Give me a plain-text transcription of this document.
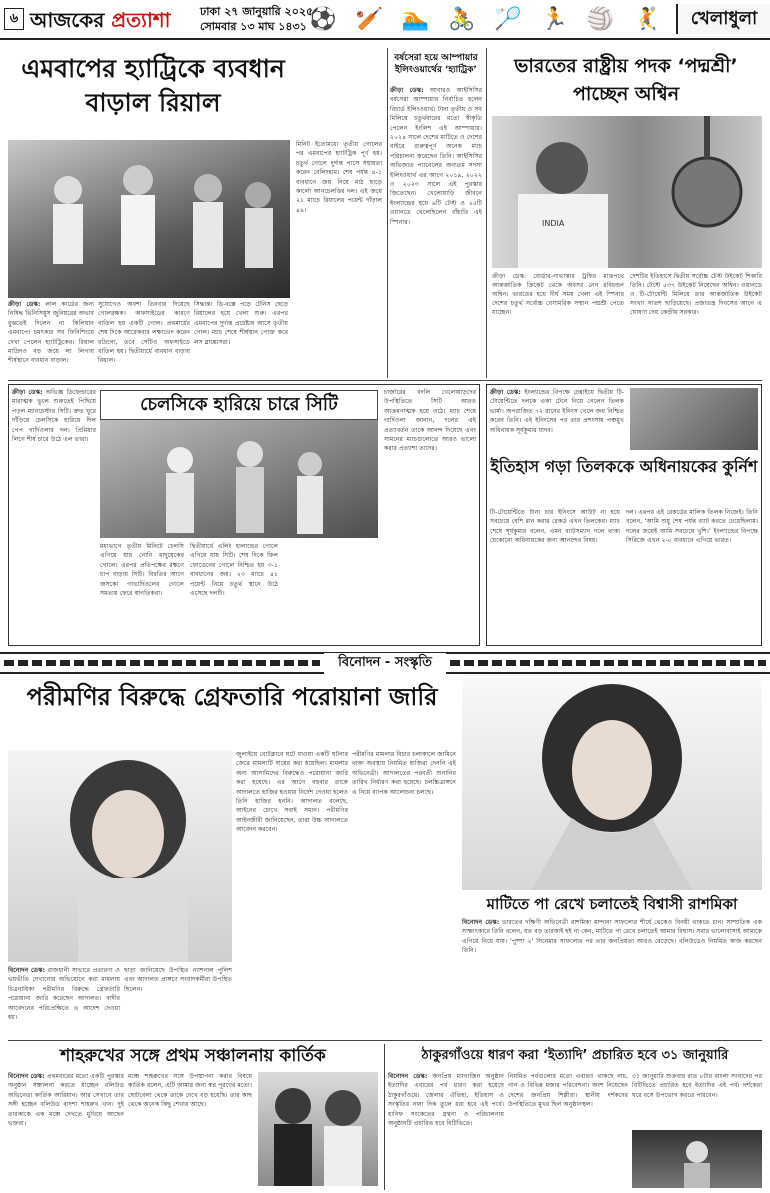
৬ আজকের প্রত্যাশা	ঢাকা ২৭ জানুয়ারি ২০২৫
সোমবার ১৩ মাঘ ১৪৩১ ⚽ 🏏 🏊 🚴 🏸 🏃 🏐 🤾	খেলাধুলা
এমবাপের হ্যাট্রিকে ব্যবধান বাড়াল রিয়াল
ক্রীড়া ডেস্ক: লাল কার্ডের জন্য নিষিদ্ধ ভিনিসিয়ুস জুনিয়রের অভাব বুঝতেই দিলেন না কিলিয়ান এমবাপে। চমৎকার সব ফিনিশিংয়ে দেখা পেলেন হ্যাটট্রিকের। রিয়াল মাদ্রিদও বড় জয়ে লা লিগায় শীর্ষস্থানে ব্যবধান বাড়াল।
সুযোগেও অবশ্য তিনবার দিয়েছে গোলরক্ষক। অফসাইডের কারণে বাতিল হয় একটি গোল। প্রথমার্ধের শেষ দিকে আরেকবার লক্ষ্যভেদ করেন রদ্রিগো, তবে সেটিও অফসাইডে বাতিল হয়। দ্বিতীয়ার্ধে ব্যবধান বাড়ায় রিয়াল।
সিদ্ধান্ত। ডি-বক্সে পড়ে টেনিস ছেড়ে রিয়ালের হয়ে খেলা শুরু। এরপর এমবাপের দুর্দান্ত প্রচেষ্টায় আসে তৃতীয় গোল। ম্যাচ শেষে শীর্ষস্থান পোক্ত করে লস ব্লাঙ্কোসরা।
মিনিট ইতোমধ্যে তৃতীয় গোলের পর এমবাপের হ্যাটট্রিক পূর্ণ হয়। চতুর্থ গোলে দুর্দান্ত পাসে সহায়তা করেন বেলিংহাম। শেষ পর্যন্ত ৪-১ ব্যবধানে জয় নিয়ে মাঠ ছাড়ে কার্লো আনচেলত্তির দল। এই জয়ে ২১ ম্যাচে রিয়ালের পয়েন্ট দাঁড়াল ৪৯।
বর্ষসেরা হয়ে আম্পায়ার ইলিংওয়ার্থের ‘হ্যাট্রিক’
ক্রীড়া ডেস্ক: আবারও আইসিসির বর্ষসেরা আম্পায়ার নির্বাচিত হলেন রিচার্ড ইলিংওয়ার্থ। টানা তৃতীয় ও সব মিলিয়ে চতুর্থবারের মতো স্বীকৃতি পেলেন ইংলিশ এই আম্পায়ার। ২০২৪ সালে দেশের মাটিতে ও দেশের বাইরে গুরুত্বপূর্ণ অনেক ম্যাচ পরিচালনা করেছেন তিনি। আইসিসির অভিজাত প্যানেলের অন্যতম সদস্য ইলিংওয়ার্থ এর আগে ২০১৯, ২০২২ ও ২০২৩ সালে এই পুরস্কার জিতেছেন। খেলোয়াড়ি জীবনে ইংল্যান্ডের হয়ে ৯টি টেস্ট ও ২৫টি ওয়ানডে খেলেছিলেন বাঁহাতি এই স্পিনার।
ভারতের রাষ্ট্রীয় পদক ‘পদ্মশ্রী’ পাচ্ছেন অশ্বিন
INDIA
ক্রীড়া ডেস্ক: বোর্ডার-গাভাস্কার ট্রফির মাঝপথে আন্তর্জাতিক ক্রিকেট থেকে অবসর নেন রবিচন্দ্রন অশ্বিন। ভারতের হয়ে দীর্ঘ সময় খেলা এই স্পিনার দেশের চতুর্থ সর্বোচ্চ বেসামরিক সম্মান পদ্মশ্রী পেতে যাচ্ছেন।
দেশটির ইতিহাসে দ্বিতীয় সর্বোচ্চ টেস্ট উইকেট শিকারি তিনি। টেস্টে ৫৩৭ উইকেট নিয়েছেন অশ্বিন। ওয়ানডে ও টি-টোয়েন্টি মিলিয়ে তার আন্তর্জাতিক উইকেট সংখ্যা সাতশ ছাড়িয়েছে। প্রজাতন্ত্র দিবসের আগে এ ঘোষণা দেয় কেন্দ্রীয় সরকার।
ক্রীড়া ডেস্ক: অভিজ্ঞ ডিফেন্ডারের মারাত্মক ভুলে শুরুতেই পিছিয়ে পড়ল ম্যানচেস্টার সিটি। দ্রুত ঘুরে দাঁড়িয়ে চেলসিকে হারিয়ে দিল পেপ গার্দিওলার দল। প্রিমিয়ার লিগে শীর্ষ চারে উঠে এল তারা।
চেলসিকে হারিয়ে চারে সিটি
মধ্যভাগে তৃতীয় মিনিটে চেলসি এগিয়ে যায় নোনি মাদুয়েকের গোলে। এরপর প্রতিপক্ষের রক্ষণে চাপ বাড়ায় সিটি। বিরতির আগে জসকো গাভার্দিওলের গোলে সমতায় ফেরে স্বাগতিকরা।
দ্বিতীয়ার্ধে এর্লিং হালান্ডের গোলে এগিয়ে যায় সিটি। শেষ দিকে ফিল ফোডেনের গোলে নিশ্চিত হয় ৩-১ ব্যবধানের জয়। ২৩ ম্যাচে ৪১ পয়েন্ট নিয়ে চতুর্থ স্থানে উঠে এসেছে দলটি।
চার্জারের বদলি খেলোয়াড়দের উপস্থিতিতে সিটি আরও আক্রমণাত্মক হয়ে ওঠে। ম্যাচ শেষে গার্দিওলা জানান, দলের এই প্রত্যাবর্তন তাকে আনন্দ দিয়েছে এবং সামনের ম্যাচগুলোতে আরও ভালো করার প্রত্যাশা তাদের।
ক্রীড়া ডেস্ক: ইংল্যান্ডের বিপক্ষে চেন্নাইয়ে দ্বিতীয় টি-টোয়েন্টিতে দলকে একা টেনে নিয়ে গেলেন তিলক ভার্মা। অপরাজিত ৭২ রানের ইনিংস খেলে জয় নিশ্চিত করেন তিনি। এই ইনিংসের পর তার প্রশংসায় পঞ্চমুখ অধিনায়ক সূর্যকুমার যাদব।
ইতিহাস গড়া তিলককে অধিনায়কের কুর্নিশ
টি-টোয়েন্টিতে টানা চার ইনিংসে আউট না হয়ে সবচেয়ে বেশি রান করার রেকর্ড এখন তিলকের। ম্যাচ শেষে সূর্যকুমার বলেন, এমন ব্যাটসম্যান দলে থাকা যেকোনো অধিনায়কের জন্য আনন্দের বিষয়।
দল। এরপর এই রেকর্ডের মালিক তিলক নিজেই। তিনি বলেন, ‘আমি শুধু শেষ পর্যন্ত ব্যাট করতে চেয়েছিলাম। দলের জয়েই আমি সবচেয়ে খুশি।’ ইংল্যান্ডের বিপক্ষে সিরিজে এখন ২-০ ব্যবধানে এগিয়ে ভারত।
বিনোদন - সংস্কৃতি
পরীমণির বিরুদ্ধে গ্রেফতারি পরোয়ানা জারি
বিনোদন ডেস্ক: রাজধানী সাভারে প্রতারণা ও ভয়ভীতি দেখানোর অভিযোগে করা মামলায় চিত্রনায়িকা পরীমণির বিরুদ্ধে গ্রেফতারি পরোয়ানা জারি করেছেন আদালত। বাদীর আবেদনের পরিপ্রেক্ষিতে এ আদেশ দেওয়া হয়।
ছাড়া জানিয়েছে উপস্থিত ন্যাশনাল পুলিশ এবং আদালত প্রাঙ্গণে সংবাদকর্মীরা উপস্থিত ছিলেন।
জুলাইয়ে বোটক্লাবে ঘটে যাওয়া একটি ঘটনার জেরে মামলাটি দায়ের করা হয়েছিল। মামলার অন্য আসামিদের বিরুদ্ধেও পরোয়ানা জারি করা হয়েছে। এর আগে বহুবার তাকে আদালতে হাজির হওয়ার নির্দেশ দেওয়া হলেও তিনি হাজির হননি। আদালত বলেছে, আইনের চোখে সবাই সমান। পরীমণির আইনজীবী জানিয়েছেন, তারা উচ্চ আদালতে আবেদন করবেন।
পরীমণির মামলার বিচার চলাকালে জামিনে থাকা অবস্থায় নিয়মিত হাজিরা দেননি এই অভিনেত্রী। আদালতের পরবর্তী শুনানির তারিখ নির্ধারণ করা হয়েছে। চলচ্চিত্রাঙ্গনে এ নিয়ে ব্যাপক আলোচনা চলছে।
মাটিতে পা রেখে চলাতেই বিশ্বাসী রাশমিকা
বিনোদন ডেস্ক: ভারতের দক্ষিণী অভিনেত্রী রাশমিকা মান্দানা সাফল্যের শীর্ষে থেকেও বিনয়ী থাকতে চান। সাম্প্রতিক এক সাক্ষাৎকারে তিনি বলেন, যত বড় তারকাই হই না কেন, মাটিতে পা রেখে চলাতেই আমার বিশ্বাস। সবার ভালোবাসাই আমাকে এগিয়ে নিয়ে যায়। ‘পুষ্পা ২’ সিনেমার সাফল্যের পর তার জনপ্রিয়তা আরও বেড়েছে। বলিউডেও নিয়মিত কাজ করছেন তিনি।
শাহরুখের সঙ্গে প্রথম সঞ্চালনায় কার্তিক
বিনোদন ডেস্ক: প্রথমবারের মতো একটি পুরস্কার অনুষ্ঠান সঞ্চালনা করতে যাচ্ছেন বলিউড অভিনেতা কার্তিক আরিয়ান। আর সেখানে তার সঙ্গী হচ্ছেন বলিউড বাদশা শাহরুখ খান। দুই তারকাকে এক মঞ্চে দেখতে মুখিয়ে আছেন ভক্তরা।
মঞ্চে শাহরুখের সঙ্গে উপস্থাপনা করার বিষয়ে কার্তিক বলেন, এটি আমার জন্য স্বপ্ন পূরণের মতো। ছোটবেলা থেকে তাকে দেখে বড় হয়েছি। তার কাছ থেকে অনেক কিছু শেখার আছে।
ঠাকুরগাঁওয়ে ধারণ করা ‘ইত্যাদি’ প্রচারিত হবে ৩১ জানুয়ারি
বিনোদন ডেস্ক: জনপ্রিয় ম্যাগাজিন অনুষ্ঠান ইত্যাদির এবারের পর্ব ধারণ করা হয়েছে ঠাকুরগাঁওয়ে। জেলার ঐতিহ্য, ইতিহাস ও সংস্কৃতির নানা দিক তুলে ধরা হবে এই পর্বে। হানিফ সংকেতের গ্রন্থনা ও পরিচালনায় অনুষ্ঠানটি প্রচারিত হবে বিটিভিতে।
নিয়মিত পর্বগুলোর মতো এবারও থাকছে নাচ, গান ও বিভিন্ন মজার পরিবেশনা। অংশ নিয়েছেন দেশের জনপ্রিয় শিল্পীরা। স্থানীয় দর্শকদের উপস্থিতিতে মুখর ছিল অনুষ্ঠানস্থল।
৩১ জানুয়ারি শুক্রবার রাত ৮টার বাংলা সংবাদের পর বিটিভিতে প্রচারিত হবে ইত্যাদির এই পর্ব। দর্শকেরা ঘরে বসে উপভোগ করতে পারবেন।
